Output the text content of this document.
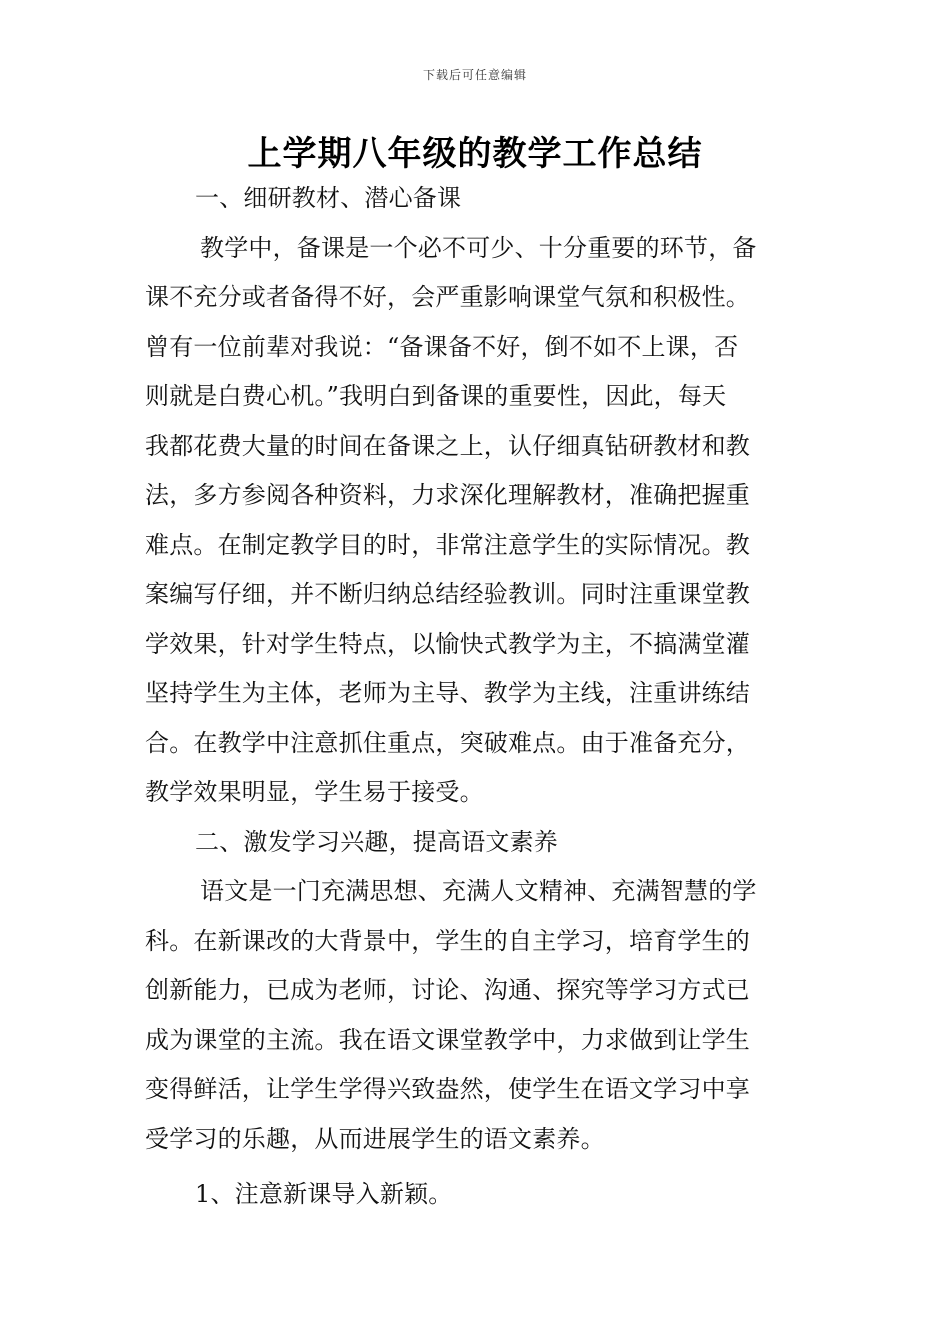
下载后可任意编辑
上学期八年级的教学工作总结
一、细研教材、潜心备课
教学中，备课是一个必不可少、十分重要的环节，备
课不充分或者备得不好，会严重影响课堂气氛和积极性。
曾有一位前辈对我说：“备课备不好，倒不如不上课，否
则就是白费心机。”我明白到备课的重要性，因此，每天
我都花费大量的时间在备课之上，认仔细真钻研教材和教
法，多方参阅各种资料，力求深化理解教材，准确把握重
难点。在制定教学目的时，非常注意学生的实际情况。教
案编写仔细，并不断归纳总结经验教训。同时注重课堂教
学效果，针对学生特点，以愉快式教学为主，不搞满堂灌
坚持学生为主体，老师为主导、教学为主线，注重讲练结
合。在教学中注意抓住重点，突破难点。由于准备充分，
教学效果明显，学生易于接受。
二、激发学习兴趣，提高语文素养
语文是一门充满思想、充满人文精神、充满智慧的学
科。在新课改的大背景中，学生的自主学习，培育学生的
创新能力，已成为老师，讨论、沟通、探究等学习方式已
成为课堂的主流。我在语文课堂教学中，力求做到让学生
变得鲜活，让学生学得兴致盎然，使学生在语文学习中享
受学习的乐趣，从而进展学生的语文素养。
1、注意新课导入新颖。
